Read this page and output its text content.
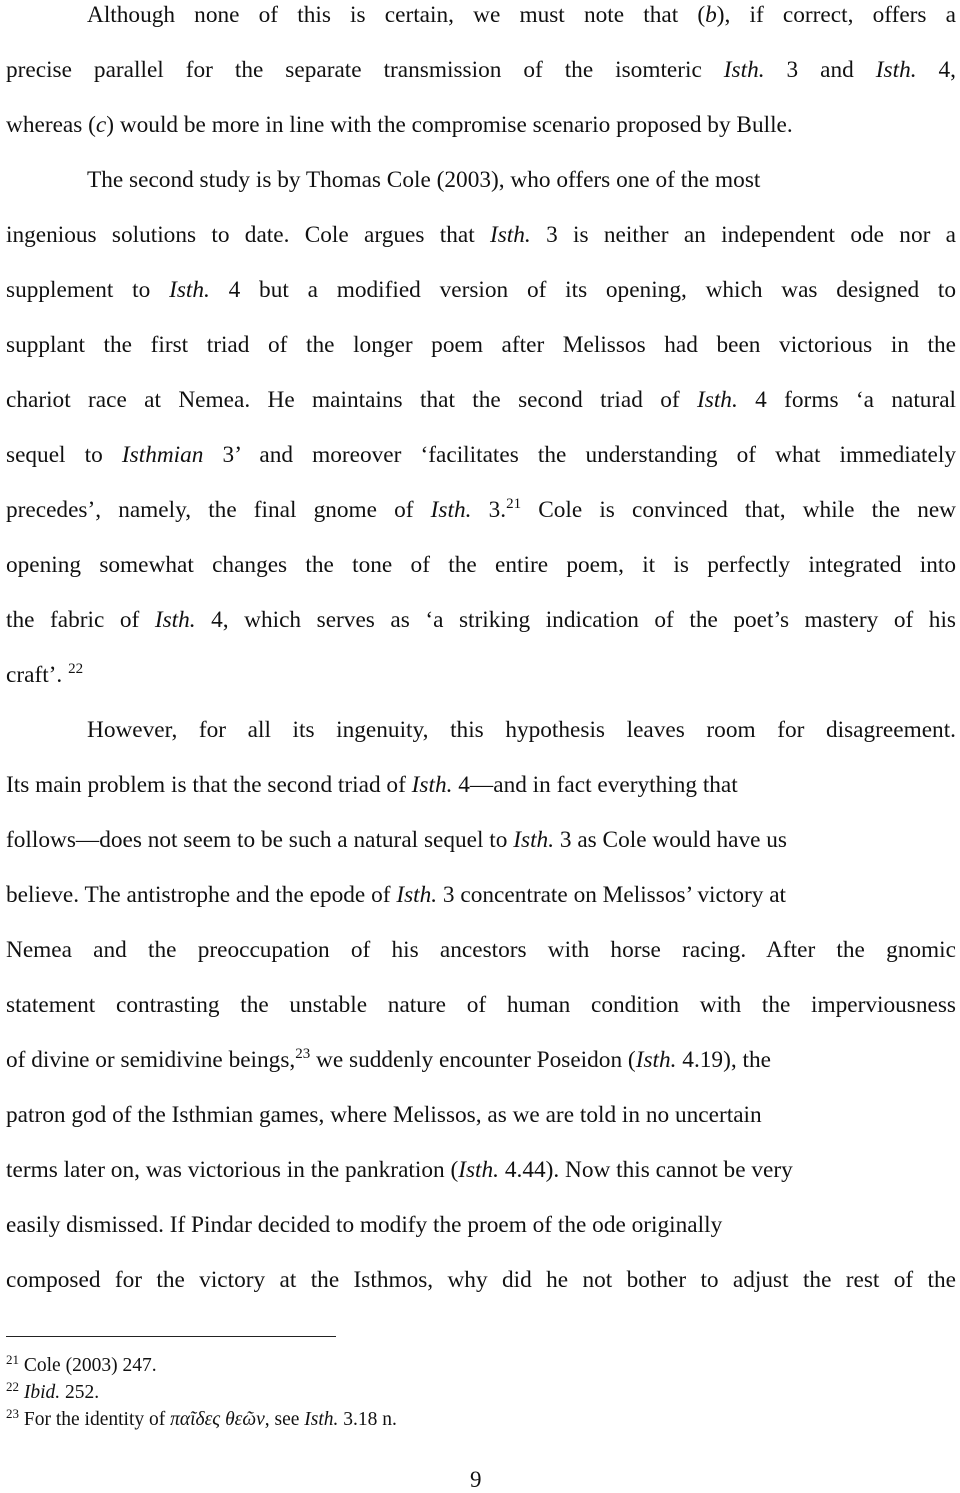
Although none of this is certain, we must note that (b), if correct, offers a
precise parallel for the separate transmission of the isomteric Isth. 3 and Isth. 4,
whereas (c) would be more in line with the compromise scenario proposed by Bulle.
The second study is by Thomas Cole (2003), who offers one of the most
ingenious solutions to date. Cole argues that Isth. 3 is neither an independent ode nor a
supplement to Isth. 4 but a modified version of its opening, which was designed to
supplant the first triad of the longer poem after Melissos had been victorious in the
chariot race at Nemea. He maintains that the second triad of Isth. 4 forms ‘a natural
sequel to Isthmian 3’ and moreover ‘facilitates the understanding of what immediately
precedes’, namely, the final gnome of Isth. 3.21 Cole is convinced that, while the new
opening somewhat changes the tone of the entire poem, it is perfectly integrated into
the fabric of Isth. 4, which serves as ‘a striking indication of the poet’s mastery of his
craft’. $^{22}$
However, for all its ingenuity, this hypothesis leaves room for disagreement.
Its main problem is that the second triad of Isth. 4—and in fact everything that
follows—does not seem to be such a natural sequel to Isth. 3 as Cole would have us
believe. The antistrophe and the epode of Isth. 3 concentrate on Melissos’ victory at
Nemea and the preoccupation of his ancestors with horse racing. After the gnomic
statement contrasting the unstable nature of human condition with the imperviousness
of divine or semidivine beings,$^{23}$ we suddenly encounter Poseidon (Isth. 4.19), the
patron god of the Isthmian games, where Melissos, as we are told in no uncertain
terms later on, was victorious in the pankration (Isth. 4.44). Now this cannot be very
easily dismissed. If Pindar decided to modify the proem of the ode originally
composed for the victory at the Isthmos, why did he not bother to adjust the rest of the
$^{21}$ Cole (2003) 247.
$^{22}$ Ibid. 252.
$^{23}$ For the identity of παῖδες θεῶν, see Isth. 3.18 n.
9
